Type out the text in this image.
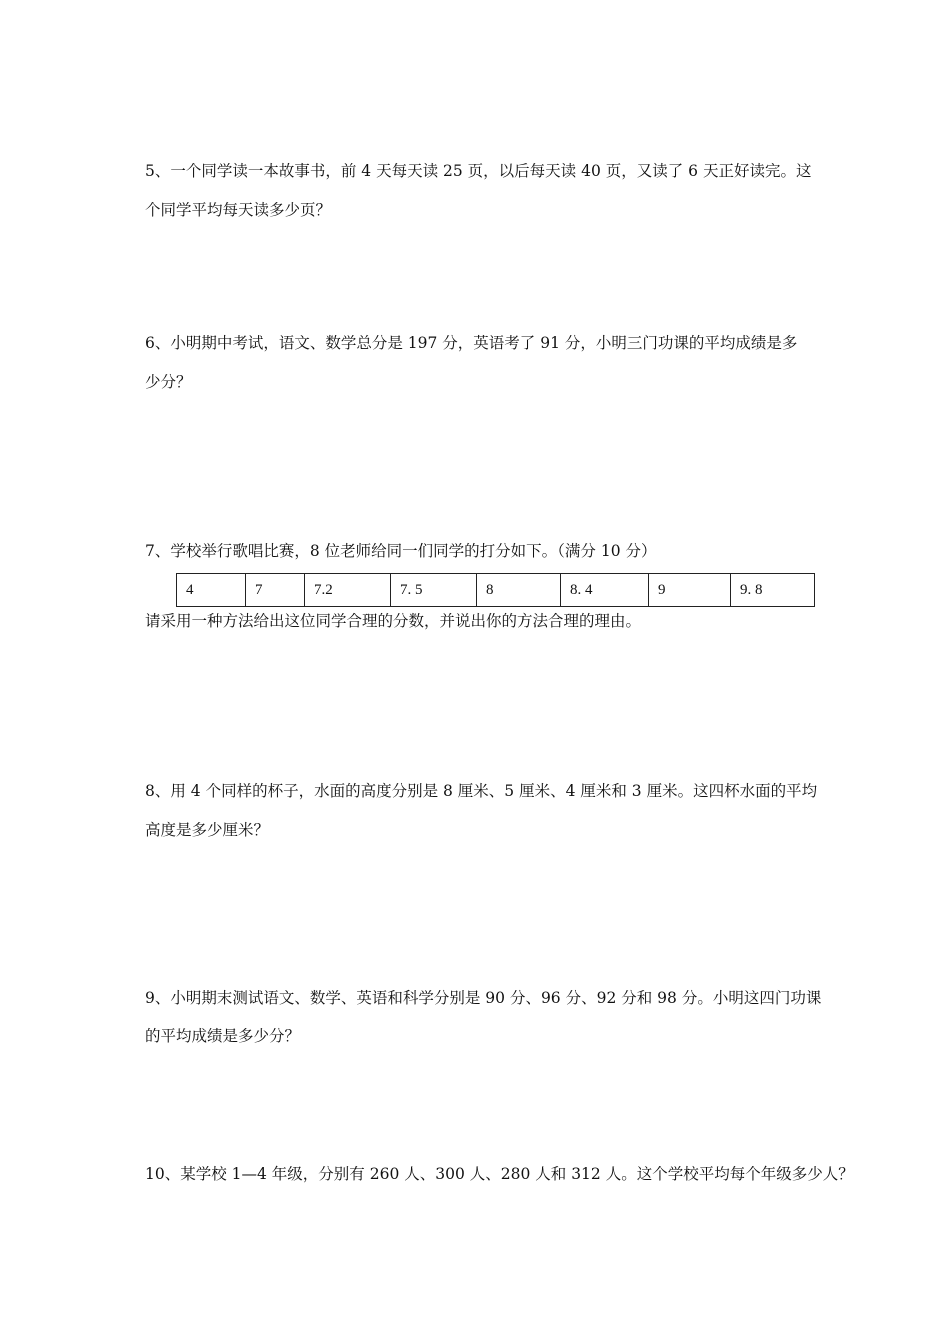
5、一个同学读一本故事书，前 4 天每天读 25 页，以后每天读 40 页，又读了 6 天正好读完。这
个同学平均每天读多少页？
6、小明期中考试，语文、数学总分是 197 分，英语考了 91 分，小明三门功课的平均成绩是多
少分？
7、学校举行歌唱比赛，8 位老师给同一们同学的打分如下。（满分 10 分）
4	7	7.2	7. 5	8	8. 4	9	9. 8
请采用一种方法给出这位同学合理的分数，并说出你的方法合理的理由。
8、用 4 个同样的杯子，水面的高度分别是 8 厘米、5 厘米、4 厘米和 3 厘米。这四杯水面的平均
高度是多少厘米？
9、小明期末测试语文、数学、英语和科学分别是 90 分、96 分、92 分和 98 分。小明这四门功课
的平均成绩是多少分？
10、某学校 1—4 年级，分别有 260 人、300 人、280 人和 312 人。这个学校平均每个年级多少人？
